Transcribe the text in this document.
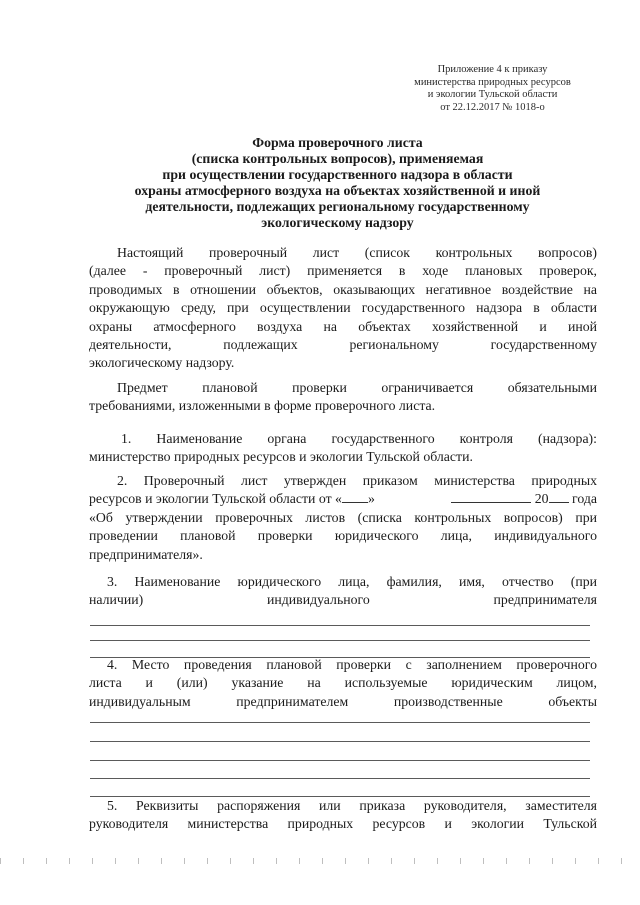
Приложение 4 к приказу
министерства природных ресурсов
и экологии Тульской области
от 22.12.2017 № 1018-о
Форма проверочного листа
(списка контрольных вопросов), применяемая
при осуществлении государственного надзора в области
охраны атмосферного воздуха на объектах хозяйственной и иной
деятельности, подлежащих региональному государственному
экологическому надзору
Настоящий проверочный лист (список контрольных вопросов)
(далее - проверочный лист) применяется в ходе плановых проверок,
проводимых в отношении объектов, оказывающих негативное воздействие на
окружающую среду, при осуществлении государственного надзора в области
охраны атмосферного воздуха на объектах хозяйственной и иной
деятельности, подлежащих региональному государственному
экологическому надзору.
Предмет плановой проверки ограничивается обязательными
требованиями, изложенными в форме проверочного листа.
1. Наименование органа государственного контроля (надзора):
министерство природных ресурсов и экологии Тульской области.
2. Проверочный лист утвержден приказом министерства природных
ресурсов и экологии Тульской области от « »	20 года
«Об утверждении проверочных листов (списка контрольных вопросов) при
проведении плановой проверки юридического лица, индивидуального
предпринимателя».
3. Наименование юридического лица, фамилия, имя, отчество (при
наличии) индивидуального предпринимателя
4. Место проведения плановой проверки с заполнением проверочного
листа и (или) указание на используемые юридическим лицом,
индивидуальным предпринимателем производственные объекты
5. Реквизиты распоряжения или приказа руководителя, заместителя
руководителя министерства природных ресурсов и экологии Тульской
